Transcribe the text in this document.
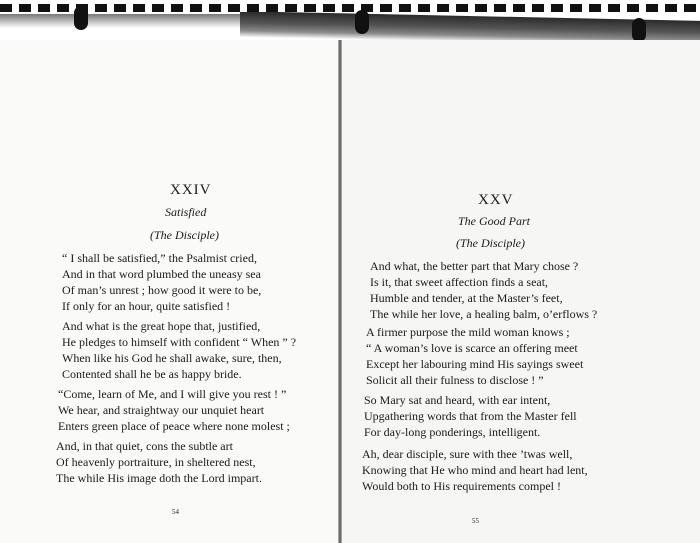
XXIV
Satisfied
(The Disciple)
“ I shall be satisfied,” the Psalmist cried,
And in that word plumbed the uneasy sea
Of man’s unrest ; how good it were to be,
If only for an hour, quite satisfied !
And what is the great hope that, justified,
He pledges to himself with confident “ When ” ?
When like his God he shall awake, sure, then,
Contented shall he be as happy bride.
“Come, learn of Me, and I will give you rest ! ”
We hear, and straightway our unquiet heart
Enters green place of peace where none molest ;
And, in that quiet, cons the subtle art
Of heavenly portraiture, in sheltered nest,
The while His image doth the Lord impart.
54
XXV
The Good Part
(The Disciple)
And what, the better part that Mary chose ?
Is it, that sweet affection finds a seat,
Humble and tender, at the Master’s feet,
The while her love, a healing balm, o’erflows ?
A firmer purpose the mild woman knows ;
“ A woman’s love is scarce an offering meet
Except her labouring mind His sayings sweet
Solicit all their fulness to disclose ! ”
So Mary sat and heard, with ear intent,
Upgathering words that from the Master fell
For day-long ponderings, intelligent.
Ah, dear disciple, sure with thee ’twas well,
Knowing that He who mind and heart had lent,
Would both to His requirements compel !
55
